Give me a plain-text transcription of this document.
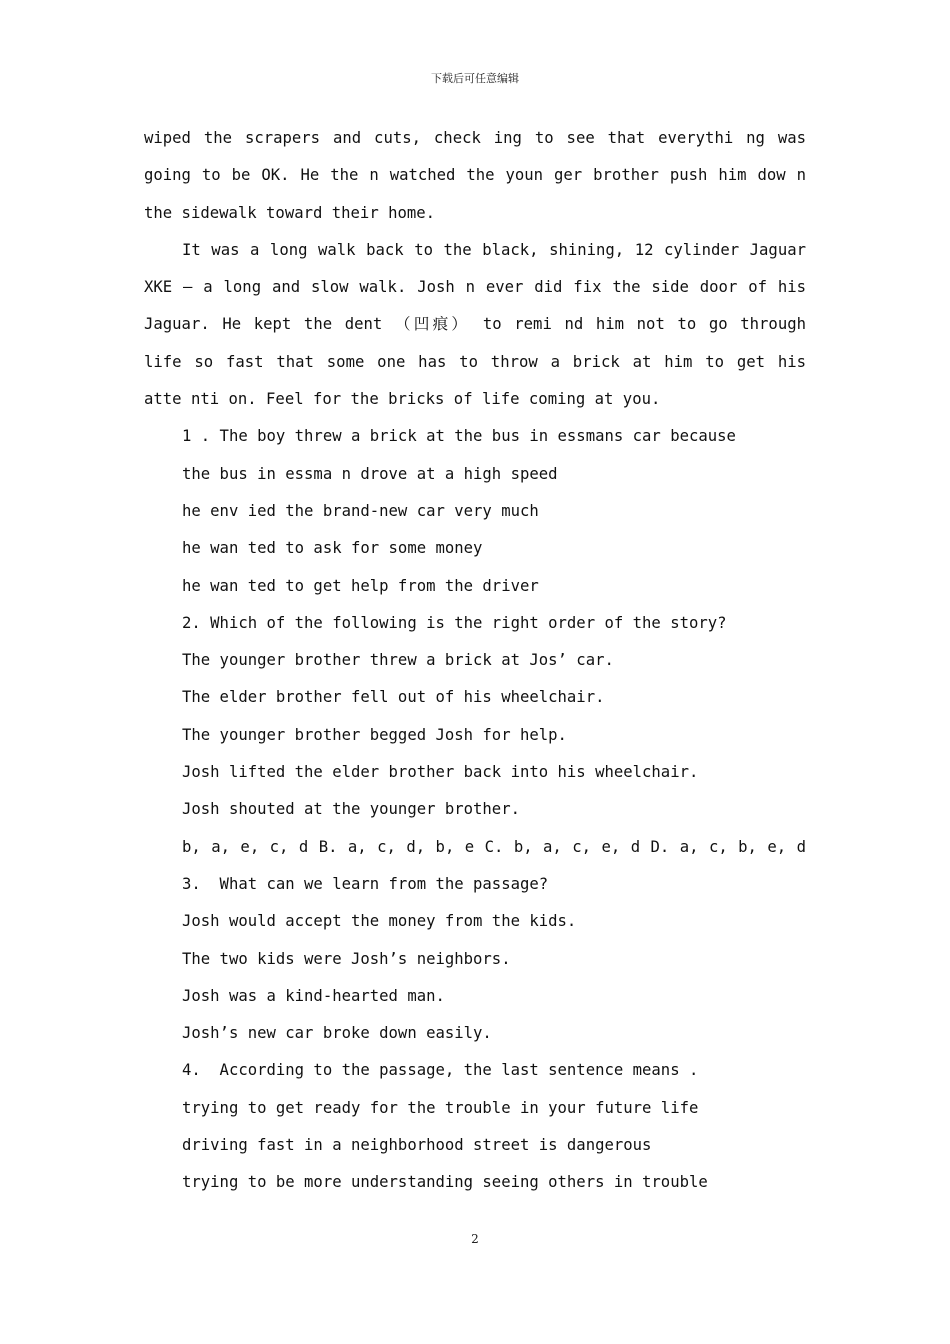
下载后可任意编辑
wiped the scrapers and cuts, check ing to see that everythi ng was
going to be OK. He the n watched the youn ger brother push him dow n
the sidewalk toward their home.
It was a long walk back to the black, shining, 12 cylinder Jaguar
XKE — a long and slow walk. Josh n ever did fix the side door of his
Jaguar. He kept the dent （凹痕） to remi nd him not to go through
life so fast that some one has to throw a brick at him to get his
atte nti on. Feel for the bricks of life coming at you.
1 . The boy threw a brick at the bus in essmans car because
the bus in essma n drove at a high speed
he env ied the brand-new car very much
he wan ted to ask for some money
he wan ted to get help from the driver
2. Which of the following is the right order of the story?
The younger brother threw a brick at Jos’ car.
The elder brother fell out of his wheelchair.
The younger brother begged Josh for help.
Josh lifted the elder brother back into his wheelchair.
Josh shouted at the younger brother.
b, a, e, c, d B. a, c, d, b, e C. b, a, c, e, d D. a, c, b, e, d
3.  What can we learn from the passage?
Josh would accept the money from the kids.
The two kids were Josh’s neighbors.
Josh was a kind-hearted man.
Josh’s new car broke down easily.
4.  According to the passage, the last sentence means .
trying to get ready for the trouble in your future life
driving fast in a neighborhood street is dangerous
trying to be more understanding seeing others in trouble
2
